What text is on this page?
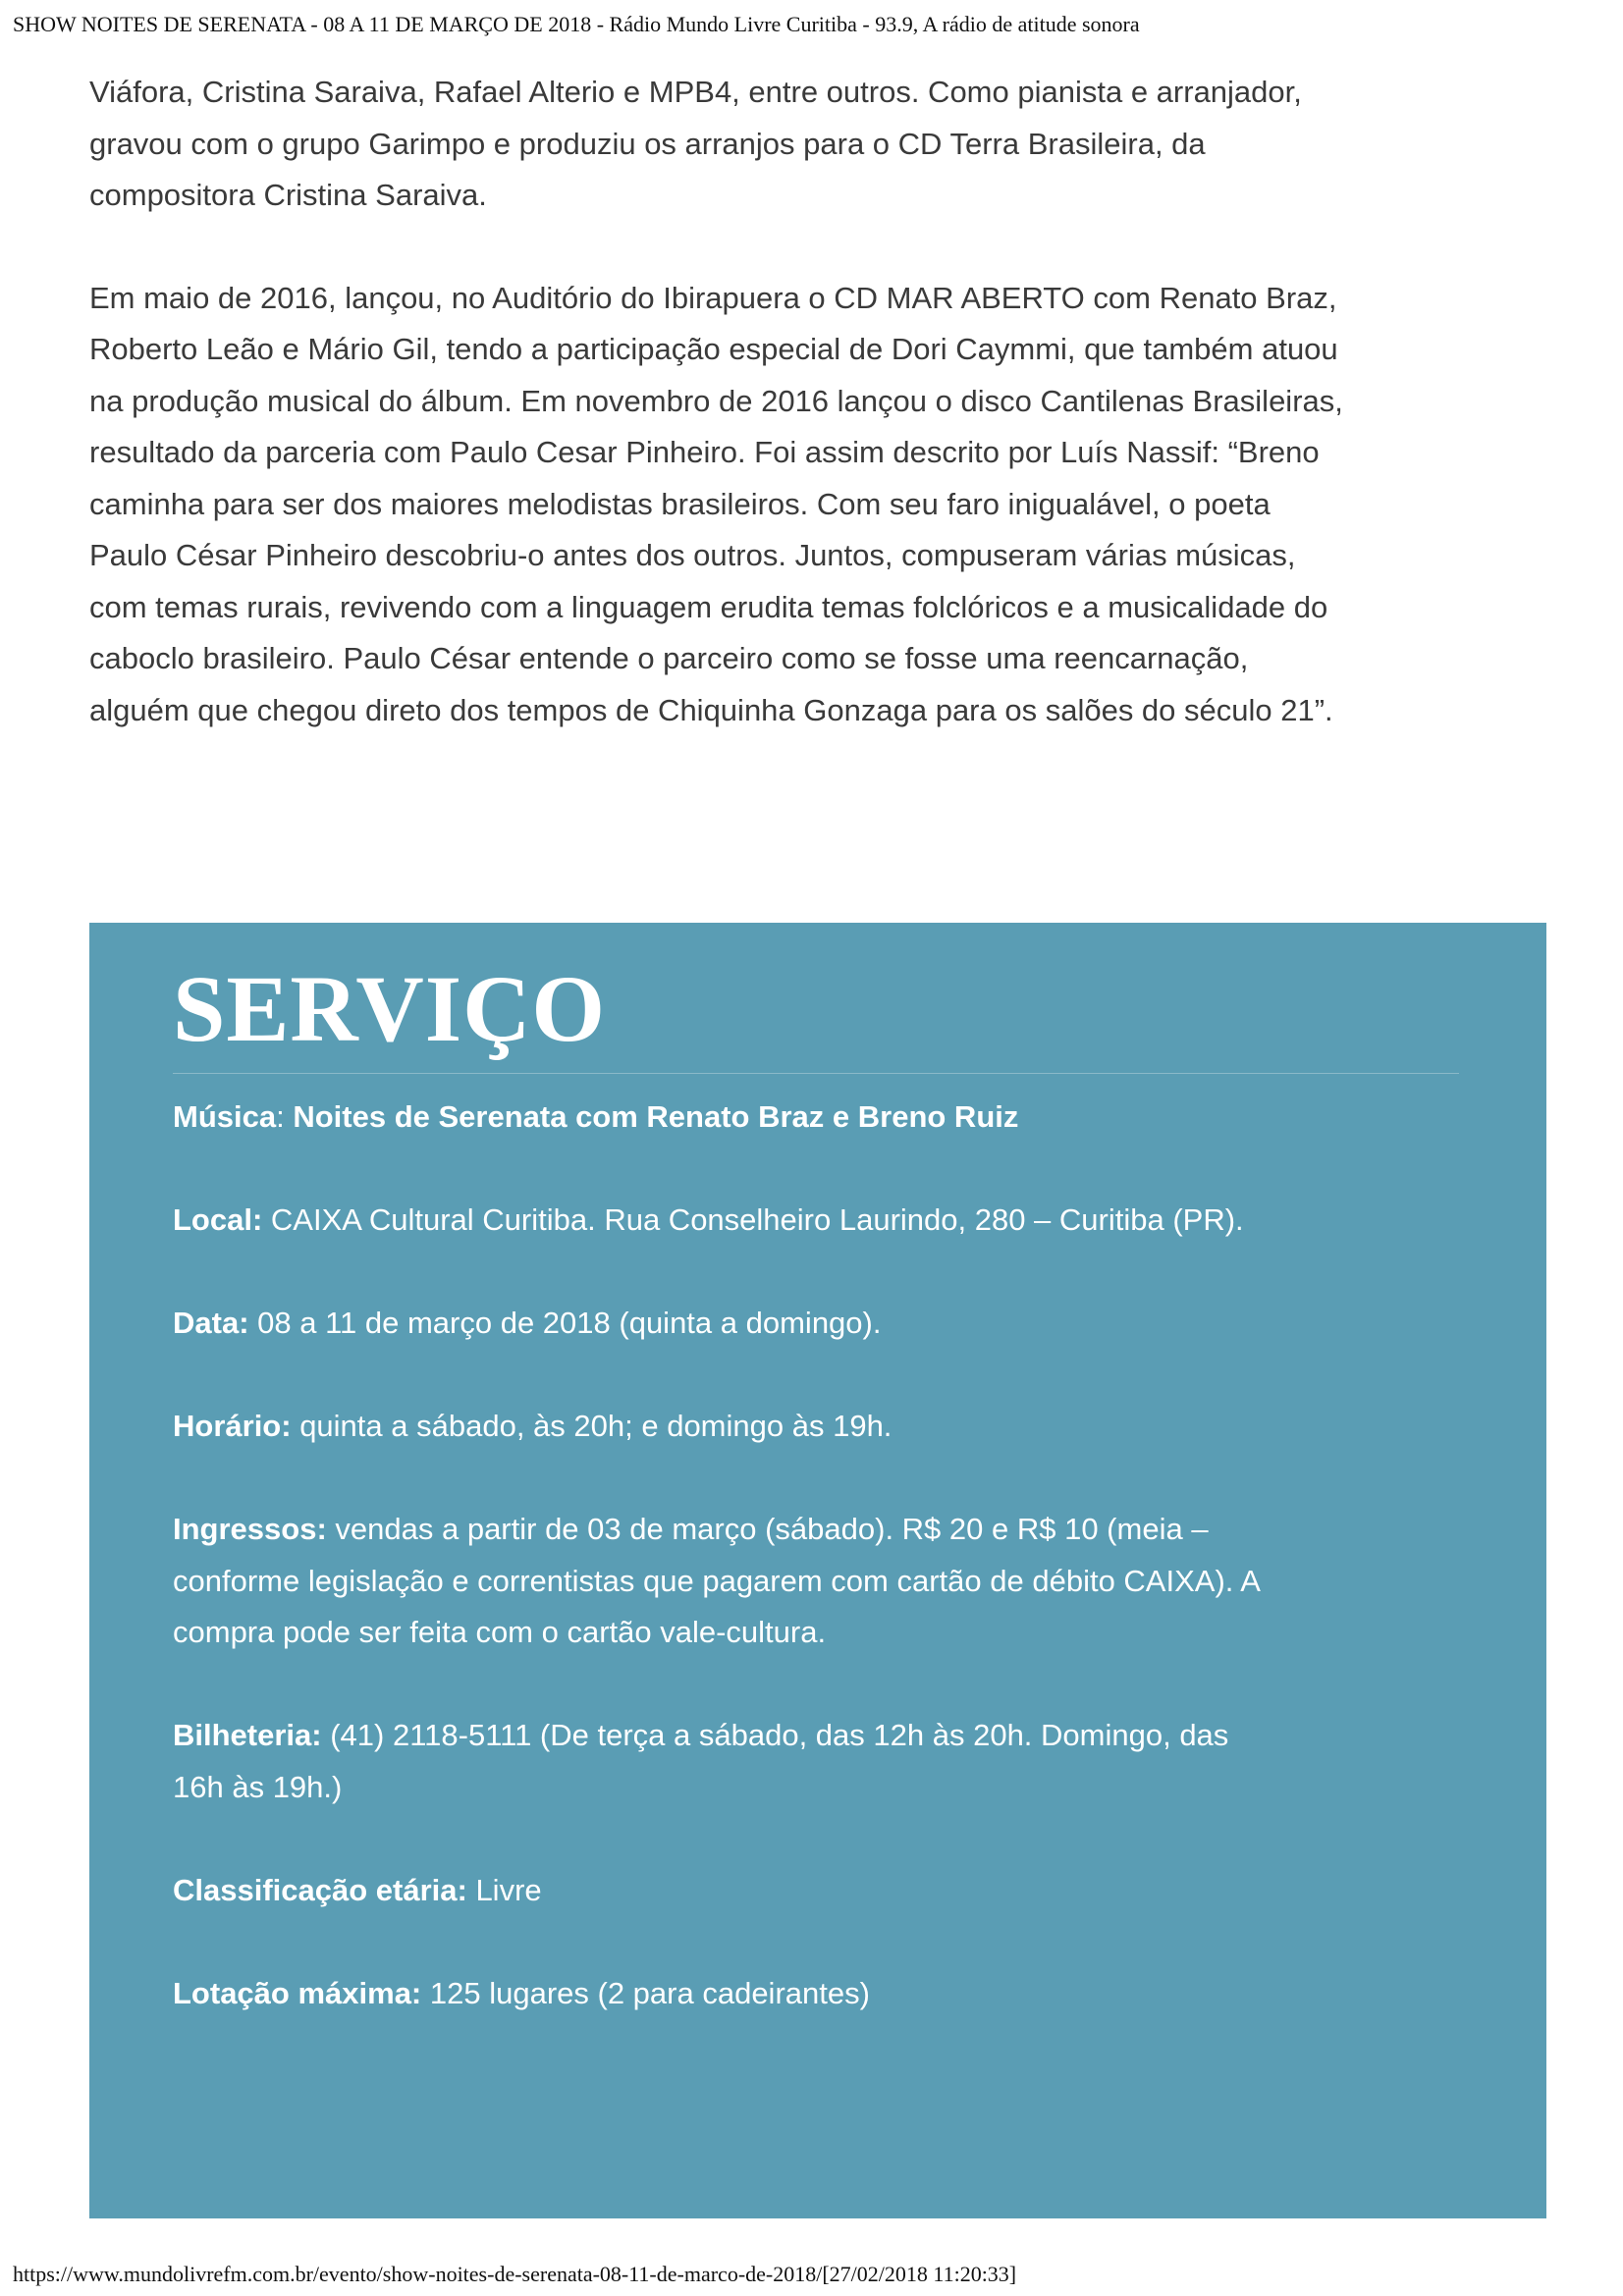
SHOW NOITES DE SERENATA - 08 A 11 DE MARÇO DE 2018 - Rádio Mundo Livre Curitiba - 93.9, A rádio de atitude sonora

Viáfora, Cristina Saraiva, Rafael Alterio e MPB4, entre outros. Como pianista e arranjador,
gravou com o grupo Garimpo e produziu os arranjos para o CD Terra Brasileira, da
compositora Cristina Saraiva.

Em maio de 2016, lançou, no Auditório do Ibirapuera o CD MAR ABERTO com Renato Braz,
Roberto Leão e Mário Gil, tendo a participação especial de Dori Caymmi, que também atuou
na produção musical do álbum. Em novembro de 2016 lançou o disco Cantilenas Brasileiras,
resultado da parceria com Paulo Cesar Pinheiro. Foi assim descrito por Luís Nassif: “Breno
caminha para ser dos maiores melodistas brasileiros. Com seu faro inigualável, o poeta
Paulo César Pinheiro descobriu-o antes dos outros. Juntos, compuseram várias músicas,
com temas rurais, revivendo com a linguagem erudita temas folclóricos e a musicalidade do
caboclo brasileiro. Paulo César entende o parceiro como se fosse uma reencarnação,
alguém que chegou direto dos tempos de Chiquinha Gonzaga para os salões do século 21”.

SERVIÇO
Música: Noites de Serenata com Renato Braz e Breno Ruiz
Local: CAIXA Cultural Curitiba. Rua Conselheiro Laurindo, 280 – Curitiba (PR).
Data: 08 a 11 de março de 2018 (quinta a domingo).
Horário: quinta a sábado, às 20h; e domingo às 19h.
Ingressos: vendas a partir de 03 de março (sábado). R$ 20 e R$ 10 (meia –
conforme legislação e correntistas que pagarem com cartão de débito CAIXA). A
compra pode ser feita com o cartão vale-cultura.
Bilheteria: (41) 2118-5111 (De terça a sábado, das 12h às 20h. Domingo, das
16h às 19h.)
Classificação etária: Livre
Lotação máxima: 125 lugares (2 para cadeirantes)
https://www.mundolivrefm.com.br/evento/show-noites-de-serenata-08-11-de-marco-de-2018/[27/02/2018 11:20:33]
